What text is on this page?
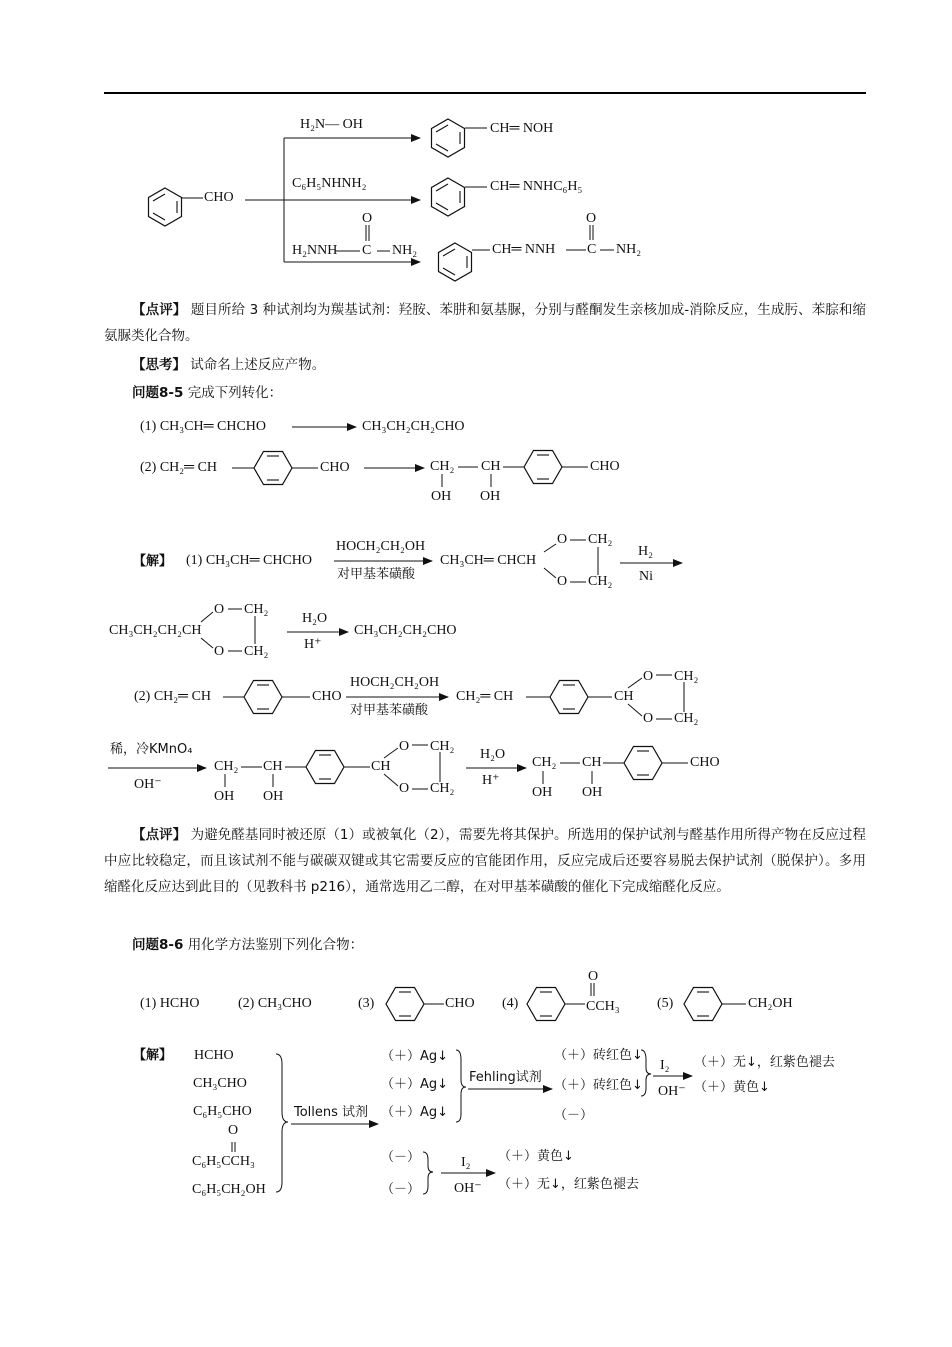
H₂N— OH	CH═ NOH
CHO
C₆H₅NHNH₂	CH═ NNHC₆H₅
H₂NNH
O
C NH₂	CH═ NNH
O
C NH₂
【点评】 题目所给 3 种试剂均为羰基试剂：羟胺、苯肼和氨基脲，分别与醛酮发生亲核加成-消除反应，生成肟、苯腙和缩氨脲类化合物。
【思考】 试命名上述反应产物。
问题8-5 完成下列转化：
(1) CH₃CH═ CHCHO	CH₃CH₂CH₂CHO
(2) CH₂═ CH	CHO	CH₂ CH
OH OH
CHO
【解】 (1) CH₃CH═ CHCHO
HOCH₂CH₂OH
对甲基苯磺酸
CH₃CH═ CHCH
O CH₂
O CH₂
H₂
Ni
CH₃CH₂CH₂CH
O CH₂
O CH₂
H₂O
H⁺
CH₃CH₂CH₂CHO
(2) CH₂═ CH	CHO
HOCH₂CH₂OH
对甲基苯磺酸
CH₂═ CH	CH
O CH₂
O CH₂
稀，冷KMnO₄
OH⁻
CH₂ CH
OH OH
CH
O CH₂
O CH₂
H₂O
H⁺
CH₂ CH
OH OH
CHO
【点评】 为避免醛基同时被还原（1）或被氧化（2），需要先将其保护。所选用的保护试剂与醛基作用所得产物在反应过程中应比较稳定，而且该试剂不能与碳碳双键或其它需要反应的官能团作用，反应完成后还要容易脱去保护试剂（脱保护）。多用缩醛化反应达到此目的（见教科书 p216），通常选用乙二醇，在对甲基苯磺酸的催化下完成缩醛化反应。
问题8-6 用化学方法鉴别下列化合物：
(1) HCHO	(2) CH₃CHO	(3)	CHO (4)
O
CCH₃	(5)	CH₂OH
【解】 HCHO
CH₃CHO
C₆H₅CHO
O
C₆H₅CCH₃
C₆H₅CH₂OH
Tollens 试剂
（＋）Ag↓
（＋）Ag↓
（＋）Ag↓
Fehling试剂
（＋）砖红色↓
（＋）砖红色↓
（－）
I₂
OH⁻
（＋）无↓，红紫色褪去
（＋）黄色↓
（－）
（－）
I₂
OH⁻
（＋）黄色↓
（＋）无↓，红紫色褪去
